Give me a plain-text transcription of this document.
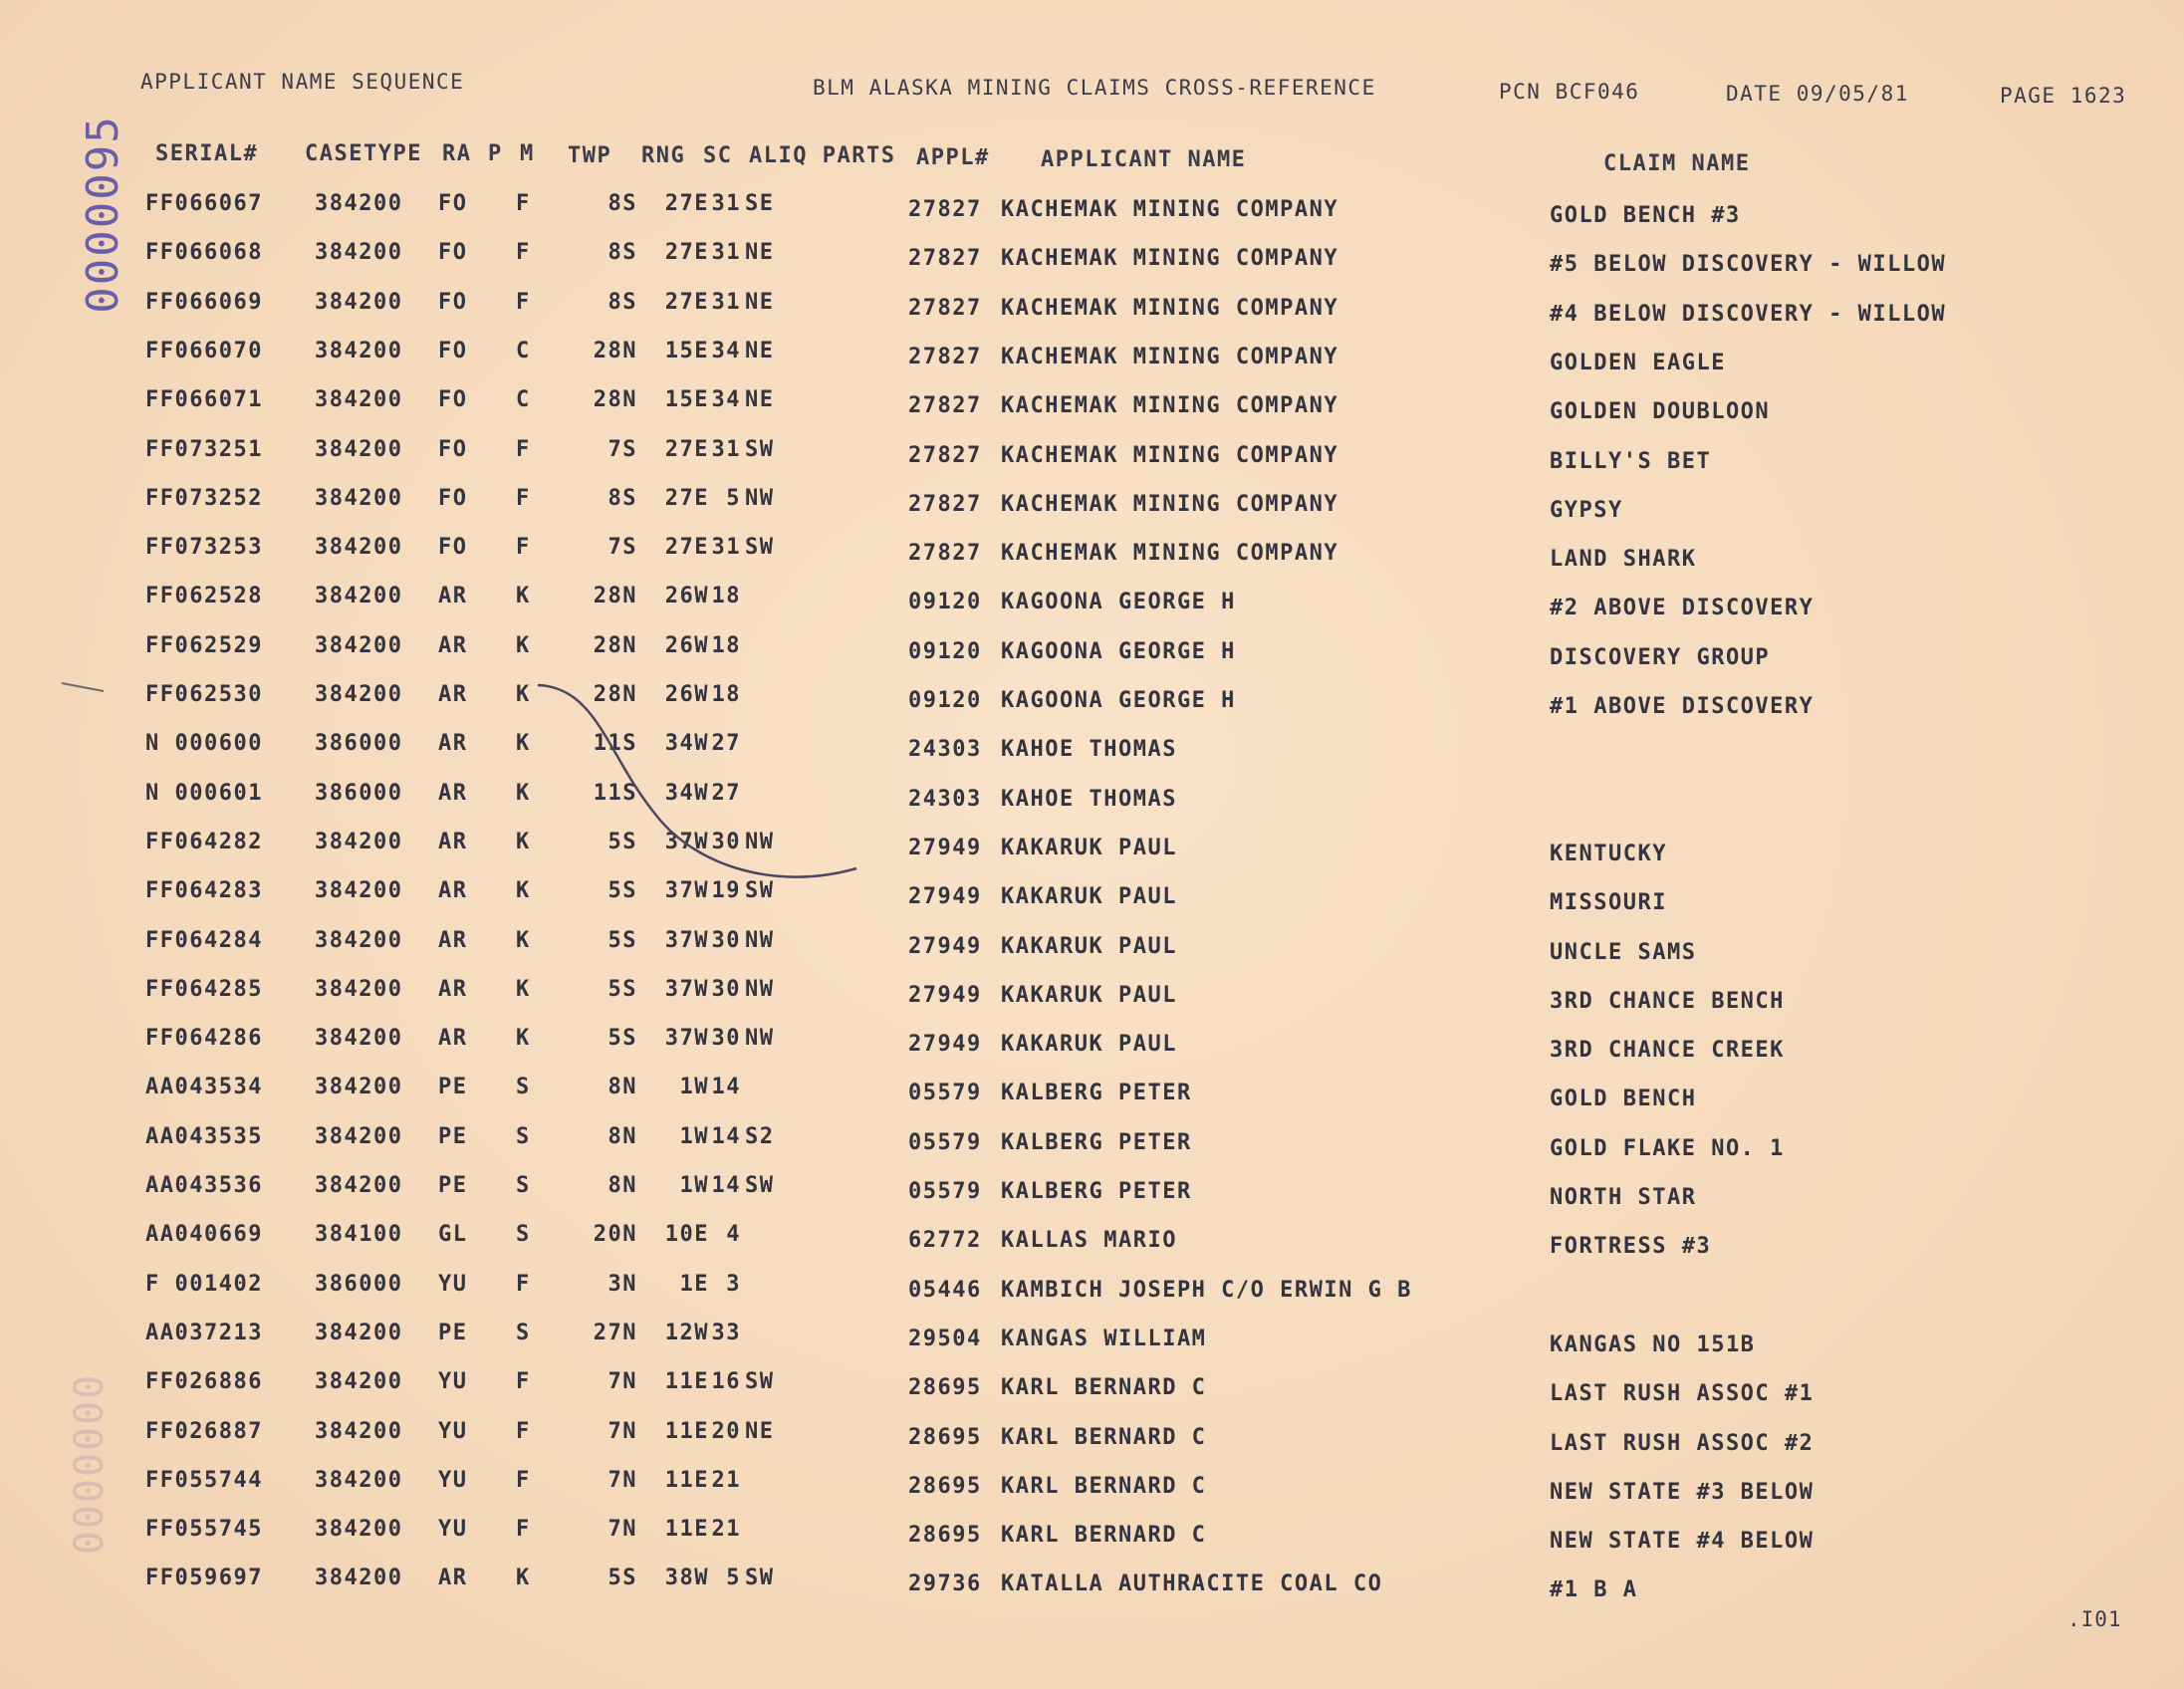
0000095
0000000
APPLICANT NAME SEQUENCE	BLM ALASKA MINING CLAIMS CROSS-REFERENCE	PCN BCF046	DATE 09/05/81	PAGE 1623
SERIAL# CASETYPE RA P M TWP RNG SC ALIQ PARTS APPL# APPLICANT NAME	CLAIM NAME
FF066067 384200 FO F	8S	27E 31 SE	27827 KACHEMAK MINING COMPANY	GOLD BENCH #3
FF066068 384200 FO F	8S	27E 31 NE	27827 KACHEMAK MINING COMPANY	#5 BELOW DISCOVERY - WILLOW
FF066069 384200 FO F	8S	27E 31 NE	27827 KACHEMAK MINING COMPANY	#4 BELOW DISCOVERY - WILLOW
FF066070 384200 FO C	28N	15E 34 NE	27827 KACHEMAK MINING COMPANY	GOLDEN EAGLE
FF066071 384200 FO C	28N	15E 34 NE	27827 KACHEMAK MINING COMPANY	GOLDEN DOUBLOON
FF073251 384200 FO F	7S	27E 31 SW	27827 KACHEMAK MINING COMPANY	BILLY'S BET
FF073252 384200 FO F	8S	27E 5 NW	27827 KACHEMAK MINING COMPANY	GYPSY
FF073253 384200 FO F	7S	27E 31 SW	27827 KACHEMAK MINING COMPANY	LAND SHARK
FF062528 384200 AR K	28N	26W 18	09120 KAGOONA GEORGE H	#2 ABOVE DISCOVERY
FF062529 384200 AR K	28N	26W 18	09120 KAGOONA GEORGE H	DISCOVERY GROUP
FF062530 384200 AR K	28N	26W 18	09120 KAGOONA GEORGE H	#1 ABOVE DISCOVERY
N 000600 386000 AR K	11S	34W 27	24303 KAHOE THOMAS
N 000601 386000 AR K	11S	34W 27	24303 KAHOE THOMAS
FF064282 384200 AR K	5S	37W 30 NW	27949 KAKARUK PAUL	KENTUCKY
FF064283 384200 AR K	5S	37W 19 SW	27949 KAKARUK PAUL	MISSOURI
FF064284 384200 AR K	5S	37W 30 NW	27949 KAKARUK PAUL	UNCLE SAMS
FF064285 384200 AR K	5S	37W 30 NW	27949 KAKARUK PAUL	3RD CHANCE BENCH
FF064286 384200 AR K	5S	37W 30 NW	27949 KAKARUK PAUL	3RD CHANCE CREEK
AA043534 384200 PE S	8N	1W 14	05579 KALBERG PETER	GOLD BENCH
AA043535 384200 PE S	8N	1W 14 S2	05579 KALBERG PETER	GOLD FLAKE NO. 1
AA043536 384200 PE S	8N	1W 14 SW	05579 KALBERG PETER	NORTH STAR
AA040669 384100 GL S	20N	10E 4	62772 KALLAS MARIO	FORTRESS #3
F 001402 386000 YU F	3N	1E 3	05446 KAMBICH JOSEPH C/O ERWIN G B
AA037213 384200 PE S	27N	12W 33	29504 KANGAS WILLIAM	KANGAS NO 151B
FF026886 384200 YU F	7N	11E 16 SW	28695 KARL BERNARD C	LAST RUSH ASSOC #1
FF026887 384200 YU F	7N	11E 20 NE	28695 KARL BERNARD C	LAST RUSH ASSOC #2
FF055744 384200 YU F	7N	11E 21	28695 KARL BERNARD C	NEW STATE #3 BELOW
FF055745 384200 YU F	7N	11E 21	28695 KARL BERNARD C	NEW STATE #4 BELOW
FF059697 384200 AR K	5S	38W 5 SW	29736 KATALLA AUTHRACITE COAL CO	#1 B A
.I01
